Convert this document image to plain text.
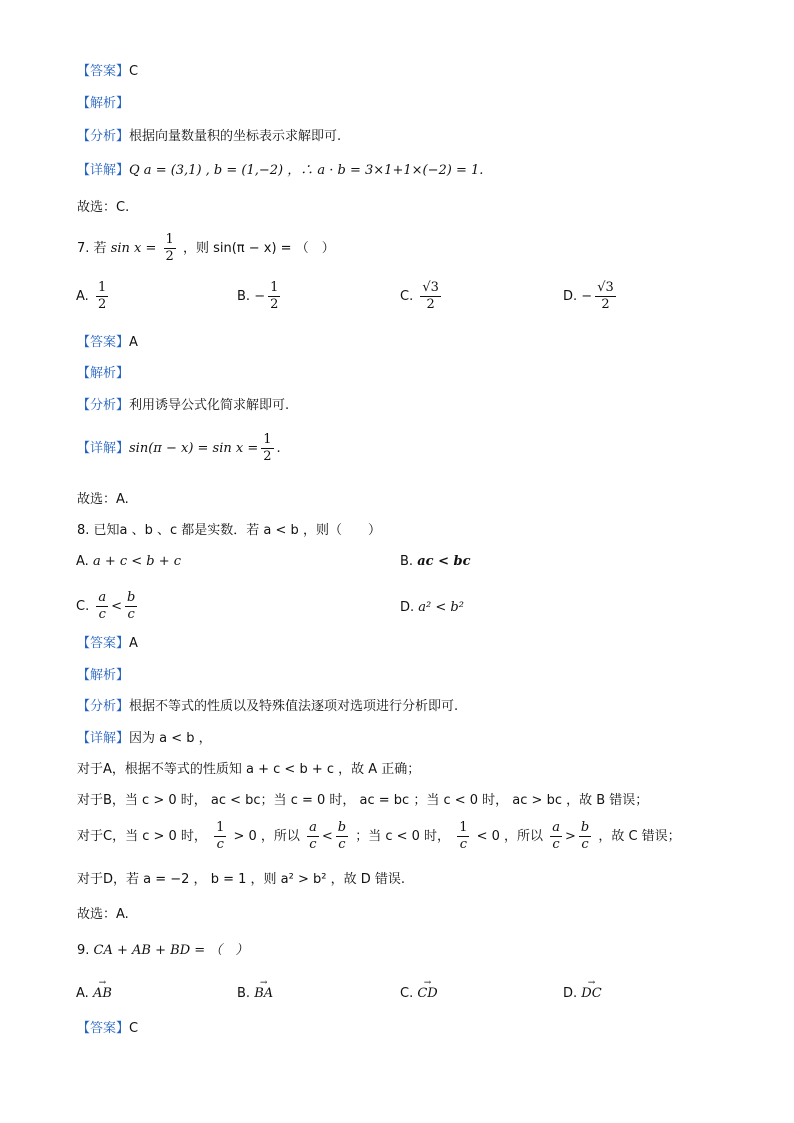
【答案】C
【解析】
【分析】根据向量数量积的坐标表示求解即可.
【详解】Q a = (3,1) , b = (1,−2) ，∴ a · b = 3×1+1×(−2) = 1.
故选：C.
7. 若 $\sin x = \frac{1}{2}$ ，则 sin(π − x) = （　）
A. $\frac{1}{2}$	B. − $\frac{1}{2}$	C. $\frac{√3}{2}$	D. − $\frac{√3}{2}$
【答案】A
【解析】
【分析】利用诱导公式化简求解即可.
【详解】$\sin(\pi - x) = \sin x = \frac{1}{2}$ .
故选：A.
8. 已知a 、b 、c 都是实数．若 a < b ，则（　　）
A. a + c < b + c	B. ac < bc
C. $\frac{a}{c} < \frac{b}{c}$	D. a² < b²
【答案】A
【解析】
【分析】根据不等式的性质以及特殊值法逐项对选项进行分析即可.
【详解】因为 a < b ，
对于A，根据不等式的性质知 a + c < b + c ，故 A 正确；
对于B，当 c > 0 时， ac < bc；当 c = 0 时， ac = bc ；当 c < 0 时， ac > bc ，故 B 错误；
对于C，当 c > 0 时， $\frac{1}{c} > 0$ ，所以 $\frac{a}{c} < \frac{b}{c}$ ；当 c < 0 时， $\frac{1}{c} < 0$ ，所以 $\frac{a}{c} > \frac{b}{c}$ ，故 C 错误；
对于D，若 a = −2 ， b = 1 ，则 a² > b² ，故 D 错误.
故选：A.
9. CA + AB + BD = （　）
A. → AB	B. → BA	C. → CD	D. → DC
【答案】C
